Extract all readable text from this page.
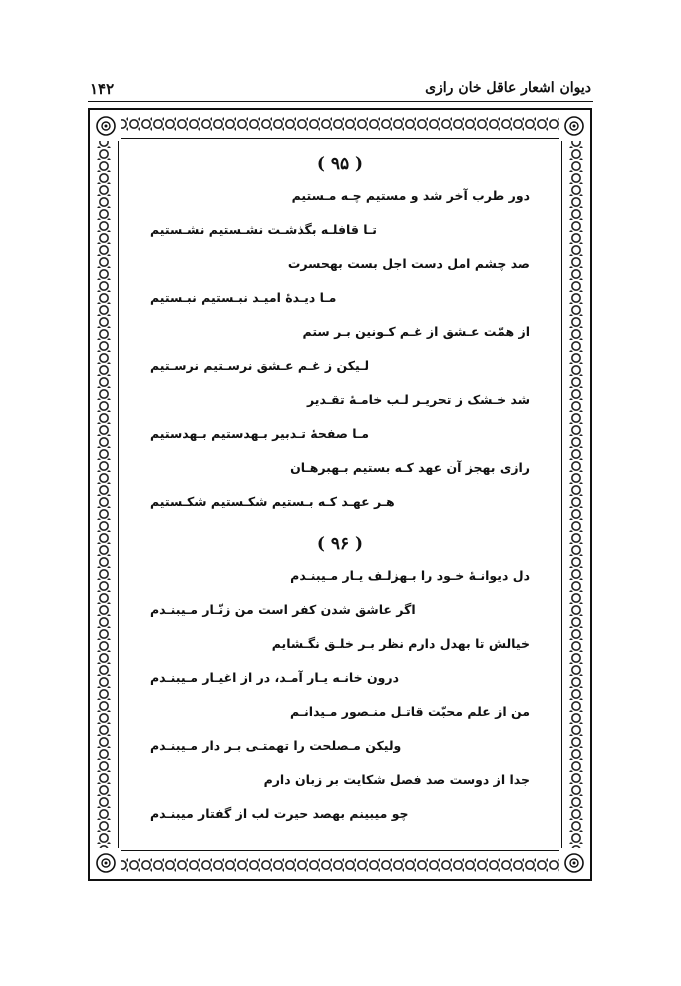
دیوان اشعار عاقل خان رازی
۱۴۲
( ۹۵ )
دور طرب آخر شد و مستیم چـه مـستیم
تـا قافلـه بگذشـت نشـستیم نشـستیم
صد چشم امل دست اجل بست بهحسرت
مـا دیـدهٔ امیـد نبـستیم نبـستیم
از همّت عـشق از غـم کـونین بـر ستم
لـیکن ز غـم عـشق نرسـتیم نرسـتیم
شد خـشک ز تحریـر لـب خامـهٔ تقـدیر
مـا صفحهٔ تـدبیر بـهدستیم بـهدستیم
رازی بهجز آن عهد کـه بستیم بـهبرهـان
هـر عهـد کـه بـستیم شکـستیم شکـستیم
( ۹۶ )
دل دیوانـهٔ خـود را بـهزلـف یـار مـیبنـدم
اگر عاشق شدن کفر است من زنّـار مـیبنـدم
خیالش تا بهدل دارم نظر بـر خلـق نگـشایم
درون خانـه یـار آمـد، در از اغیـار مـیبنـدم
من از علم محبّت قاتـل منـصور مـیدانـم
ولیکن مـصلحت را تهمتـی بـر دار مـیبنـدم
جدا از دوست صد فصل شکایت بر زبان دارم
چو میبینم بهصد حیرت لب از گفتار میبنـدم
